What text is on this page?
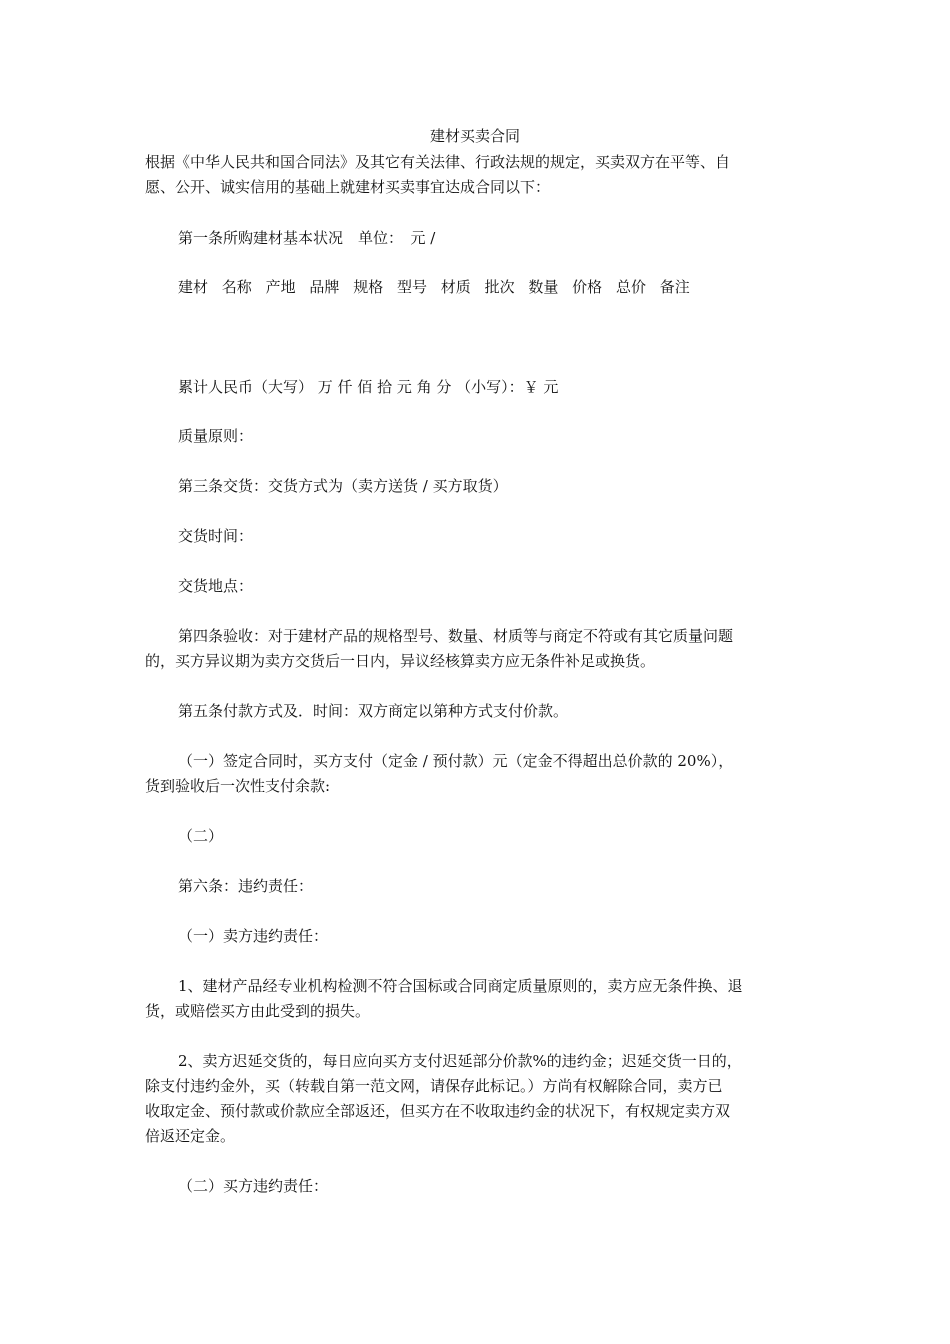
建材买卖合同
根据《中华人民共和国合同法》及其它有关法律、行政法规的规定，买卖双方在平等、自
愿、公开、诚实信用的基础上就建材买卖事宜达成合同以下：
第一条所购建材基本状况　单位：　元 /
建材 名称 产地 品牌 规格 型号 材质 批次 数量 价格 总价 备注
累计人民币（大写） 万 仟 佰 拾 元 角 分 （小写）：￥ 元
质量原则：
第三条交货：交货方式为（卖方送货 / 买方取货）
交货时间：
交货地点：
第四条验收：对于建材产品的规格型号、数量、材质等与商定不符或有其它质量问题
的，买方异议期为卖方交货后一日内，异议经核算卖方应无条件补足或换货。
第五条付款方式及．时间：双方商定以第种方式支付价款。
（一）签定合同时，买方支付（定金 / 预付款）元（定金不得超出总价款的 20%），
货到验收后一次性支付余款:
（二）
第六条：违约责任：
（一）卖方违约责任：
1、建材产品经专业机构检测不符合国标或合同商定质量原则的，卖方应无条件换、退
货，或赔偿买方由此受到的损失。
2、卖方迟延交货的，每日应向买方支付迟延部分价款%的违约金；迟延交货一日的，
除支付违约金外，买（转载自第一范文网，请保存此标记。）方尚有权解除合同，卖方已
收取定金、预付款或价款应全部返还，但买方在不收取违约金的状况下，有权规定卖方双
倍返还定金。
（二）买方违约责任：
